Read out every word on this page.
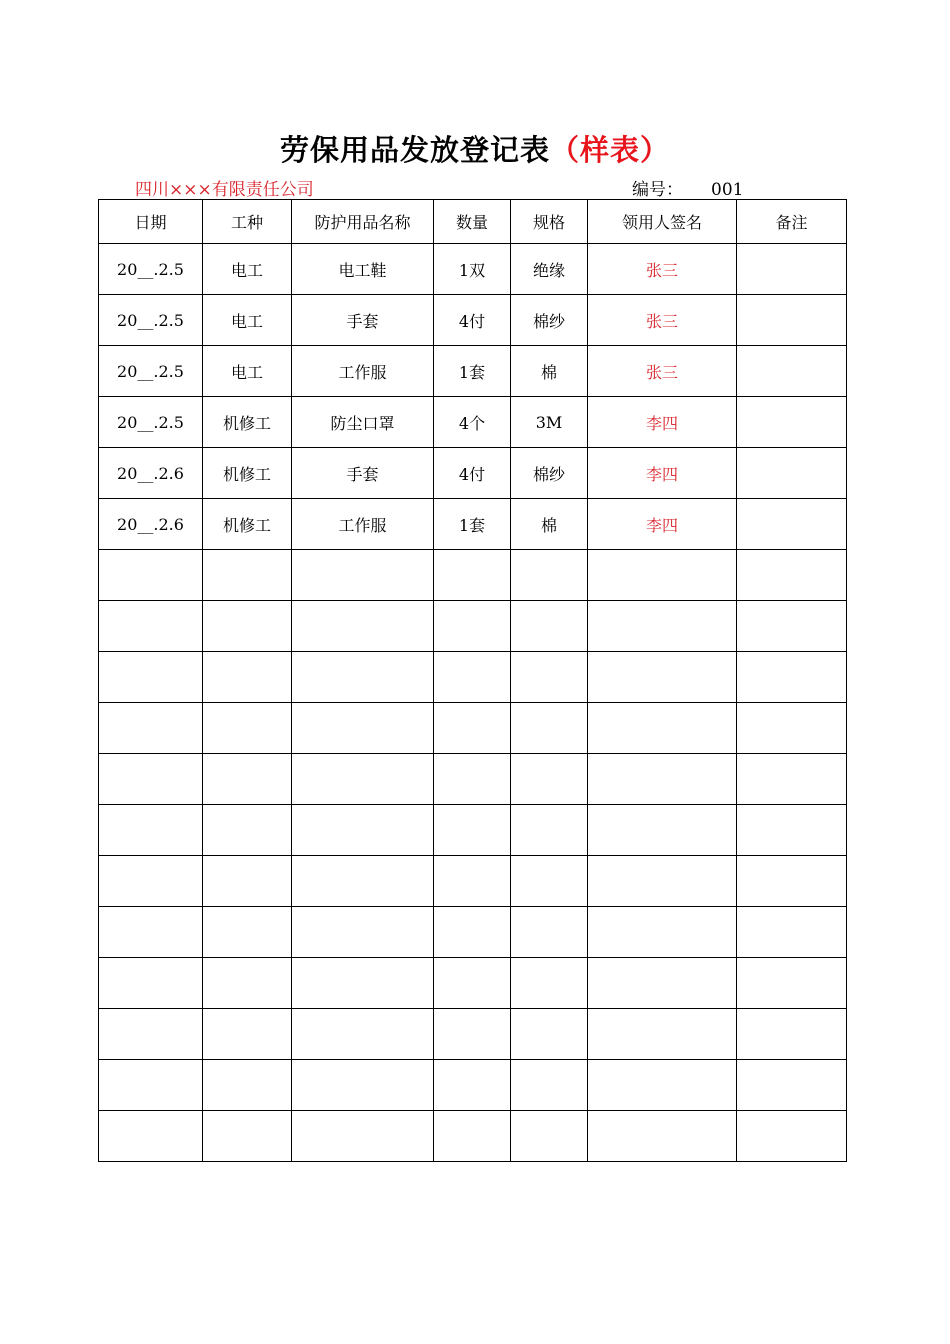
劳保用品发放登记表（样表）
四川×××有限责任公司	编号： 001
日期	工种	防护用品名称	数量	规格	领用人签名	备注
20__.2.5	电工	电工鞋	1双	绝缘	张三	
20__.2.5	电工	手套	4付	棉纱	张三	
20__.2.5	电工	工作服	1套	棉	张三	
20__.2.5	机修工	防尘口罩	4个	3M	李四	
20__.2.6	机修工	手套	4付	棉纱	李四	
20__.2.6	机修工	工作服	1套	棉	李四	
